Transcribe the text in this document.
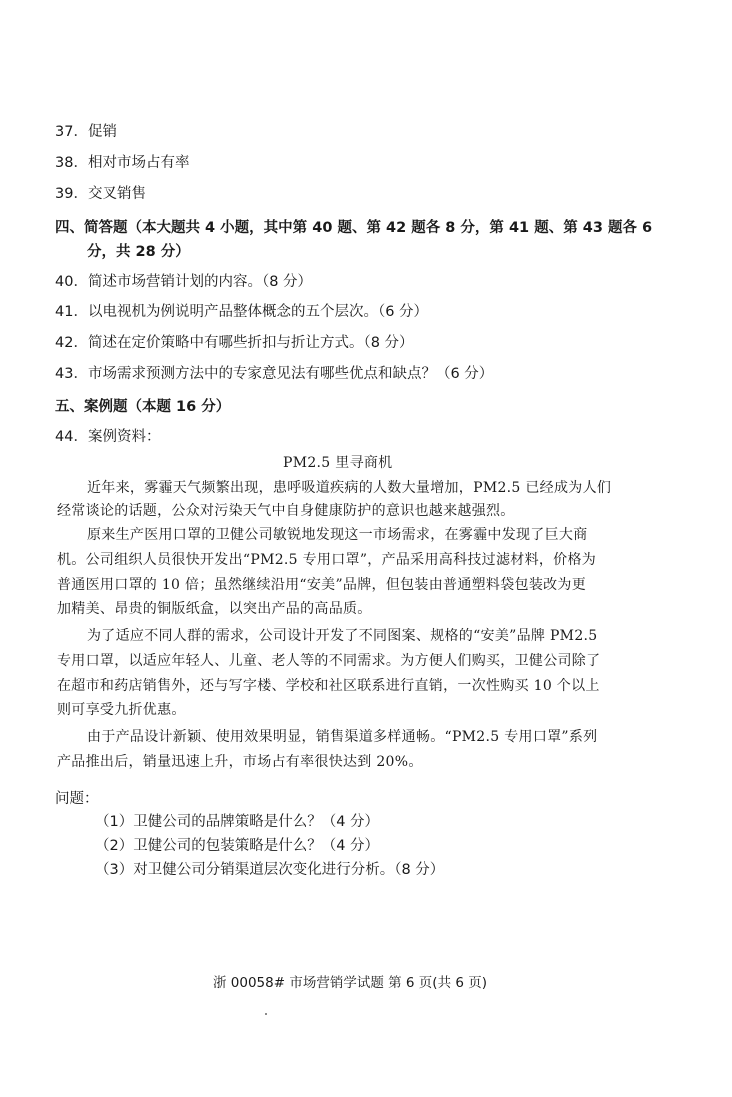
37．促销
38．相对市场占有率
39．交叉销售
四、简答题（本大题共 4 小题，其中第 40 题、第 42 题各 8 分，第 41 题、第 43 题各 6
分，共 28 分）
40．简述市场营销计划的内容。（8 分）
41．以电视机为例说明产品整体概念的五个层次。（6 分）
42．简述在定价策略中有哪些折扣与折让方式。（8 分）
43．市场需求预测方法中的专家意见法有哪些优点和缺点？（6 分）
五、案例题（本题 16 分）
44．案例资料：
PM2.5 里寻商机
近年来，雾霾天气频繁出现，患呼吸道疾病的人数大量增加，PM2.5 已经成为人们
经常谈论的话题，公众对污染天气中自身健康防护的意识也越来越强烈。
原来生产医用口罩的卫健公司敏锐地发现这一市场需求，在雾霾中发现了巨大商
机。公司组织人员很快开发出“PM2.5 专用口罩”，产品采用高科技过滤材料，价格为
普通医用口罩的 10 倍；虽然继续沿用“安美”品牌，但包装由普通塑料袋包装改为更
加精美、昂贵的铜版纸盒，以突出产品的高品质。
为了适应不同人群的需求，公司设计开发了不同图案、规格的“安美”品牌 PM2.5
专用口罩，以适应年轻人、儿童、老人等的不同需求。为方便人们购买，卫健公司除了
在超市和药店销售外，还与写字楼、学校和社区联系进行直销，一次性购买 10 个以上
则可享受九折优惠。
由于产品设计新颖、使用效果明显，销售渠道多样通畅。“PM2.5 专用口罩”系列
产品推出后，销量迅速上升，市场占有率很快达到 20%。
问题：
（1）卫健公司的品牌策略是什么？（4 分）
（2）卫健公司的包装策略是什么？（4 分）
（3）对卫健公司分销渠道层次变化进行分析。（8 分）
浙 00058# 市场营销学试题 第 6 页(共 6 页)
